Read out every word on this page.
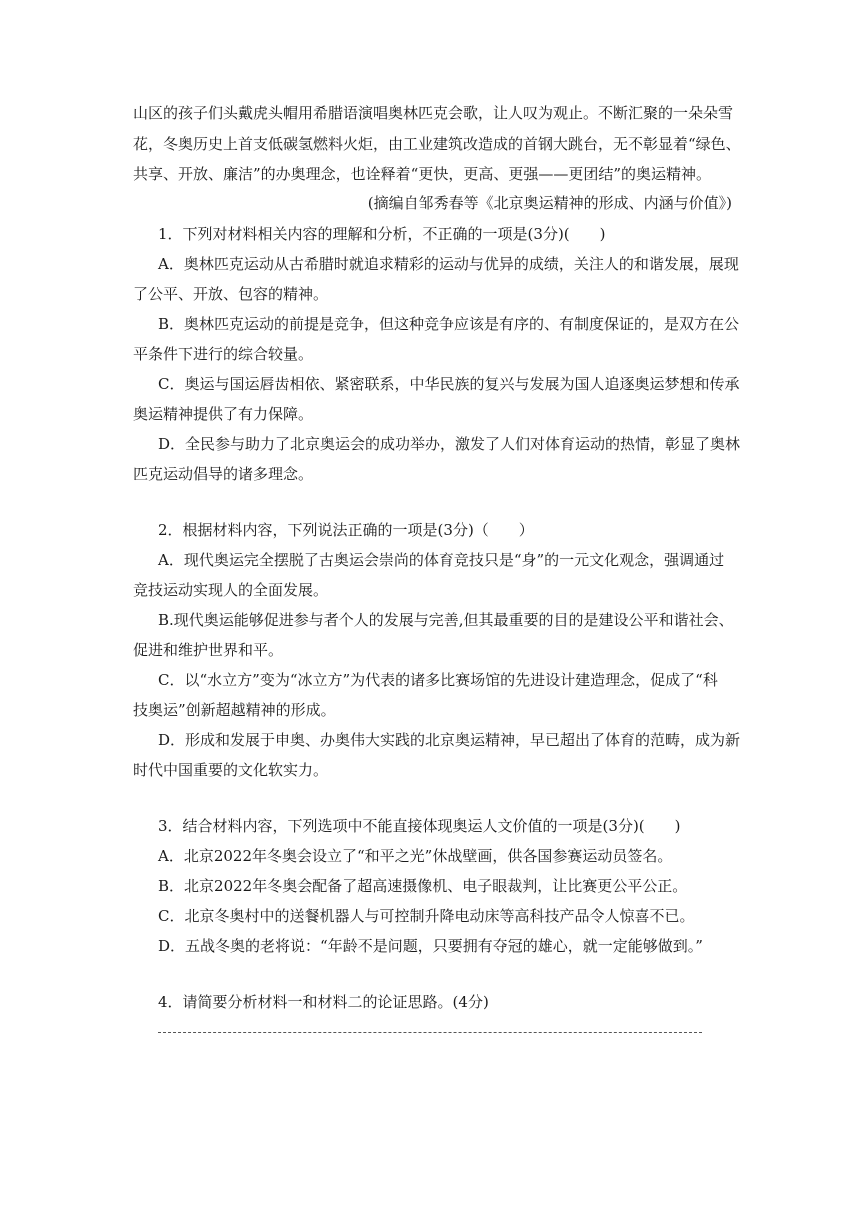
山区的孩子们头戴虎头帽用希腊语演唱奥林匹克会歌，让人叹为观止。不断汇聚的一朵朵雪
花，冬奥历史上首支低碳氢燃料火炬，由工业建筑改造成的首钢大跳台，无不彰显着“绿色、
共享、开放、廉洁”的办奥理念，也诠释着“更快，更高、更强——更团结”的奥运精神。
(摘编自邹秀春等《北京奥运精神的形成、内涵与价值》)
1．下列对材料相关内容的理解和分析，不正确的一项是(3分)(　　)
A．奥林匹克运动从古希腊时就追求精彩的运动与优异的成绩，关注人的和谐发展，展现
了公平、开放、包容的精神。
B．奥林匹克运动的前提是竞争，但这种竞争应该是有序的、有制度保证的，是双方在公
平条件下进行的综合较量。
C．奥运与国运唇齿相依、紧密联系，中华民族的复兴与发展为国人追逐奥运梦想和传承
奥运精神提供了有力保障。
D．全民参与助力了北京奥运会的成功举办，激发了人们对体育运动的热情，彰显了奥林
匹克运动倡导的诸多理念。
2．根据材料内容，下列说法正确的一项是(3分)（　　）
A．现代奥运完全摆脱了古奥运会崇尚的体育竞技只是“身”的一元文化观念，强调通过
竞技运动实现人的全面发展。
B.现代奥运能够促进参与者个人的发展与完善,但其最重要的目的是建设公平和谐社会、
促进和维护世界和平。
C．以“水立方”变为“冰立方”为代表的诸多比赛场馆的先进设计建造理念，促成了“科
技奥运”创新超越精神的形成。
D．形成和发展于申奥、办奥伟大实践的北京奥运精神，早已超出了体育的范畴，成为新
时代中国重要的文化软实力。
3．结合材料内容，下列选项中不能直接体现奥运人文价值的一项是(3分)(　　)
A．北京2022年冬奥会设立了“和平之光”休战壁画，供各国参赛运动员签名。
B．北京2022年冬奥会配备了超高速摄像机、电子眼裁判，让比赛更公平公正。
C．北京冬奥村中的送餐机器人与可控制升降电动床等高科技产品令人惊喜不已。
D．五战冬奥的老将说：“年龄不是问题，只要拥有夺冠的雄心，就一定能够做到。”
4．请简要分析材料一和材料二的论证思路。(4分)
